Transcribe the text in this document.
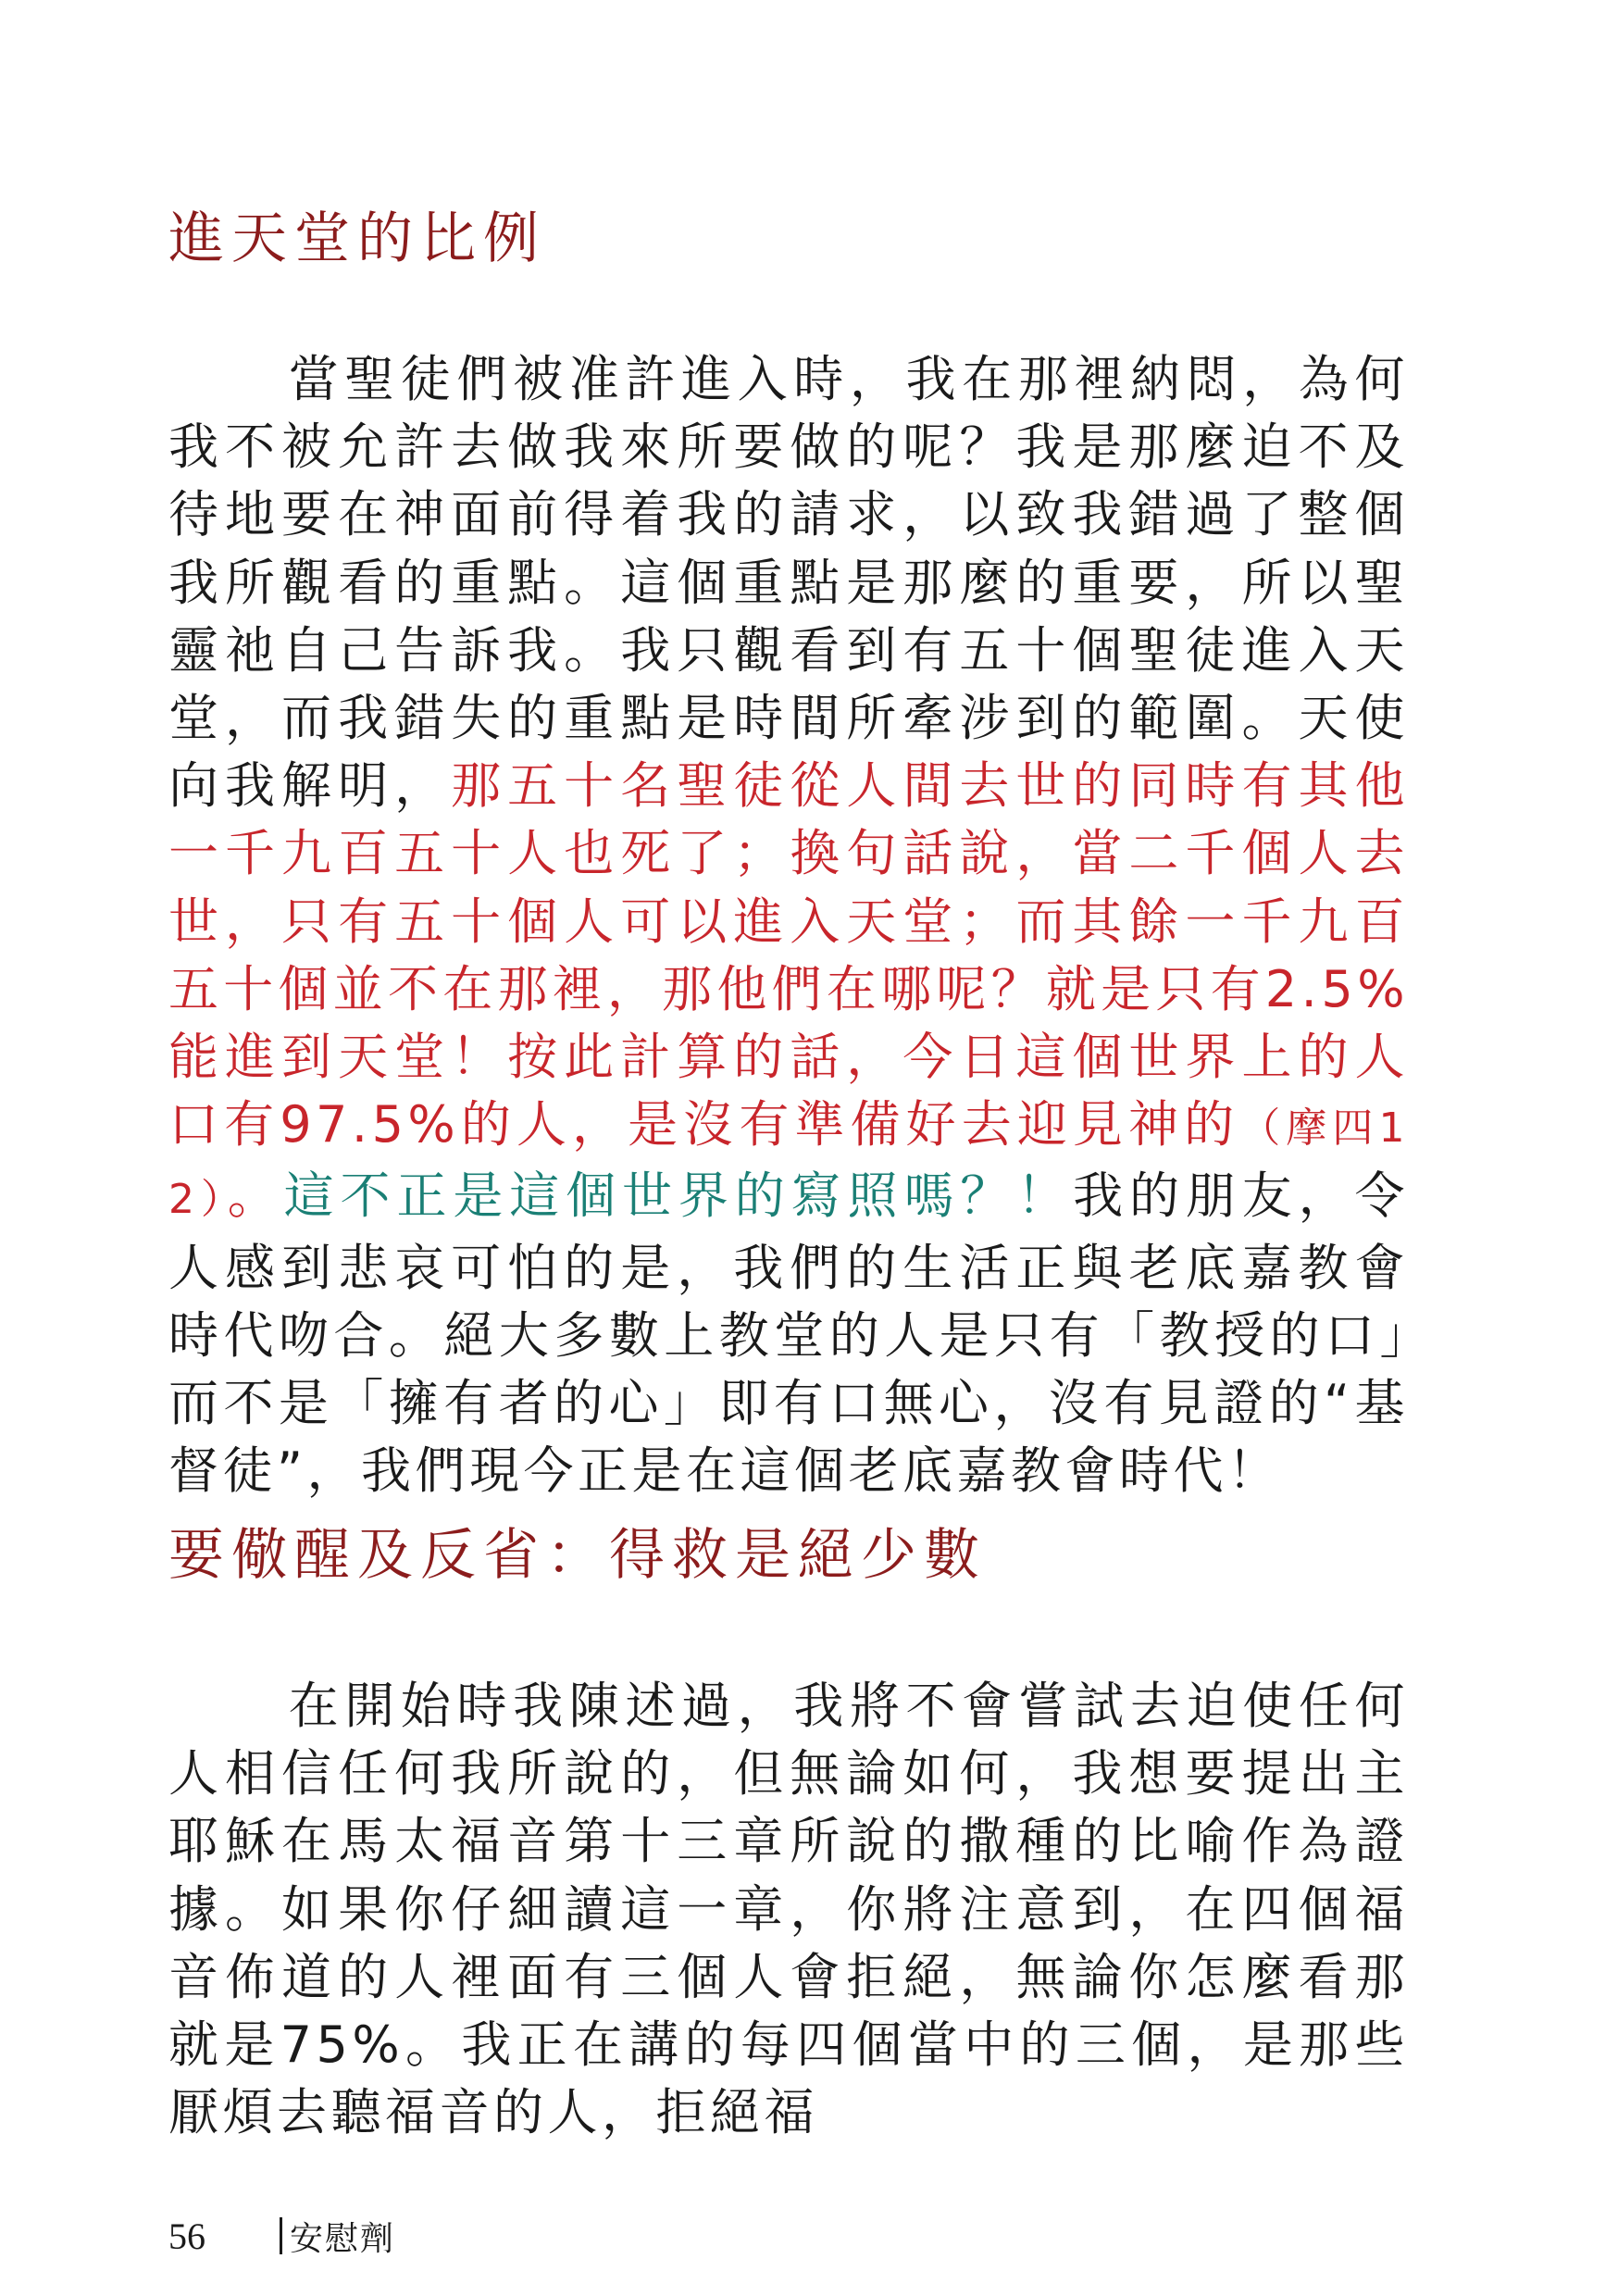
進天堂的比例
當聖徒們被准許進入時，我在那裡納悶，為何我不被允許去做我來所要做的呢？我是那麼迫不及待地要在神面前得着我的請求，以致我錯過了整個我所觀看的重點。這個重點是那麼的重要，所以聖靈祂自己告訴我。我只觀看到有五十個聖徒進入天堂，而我錯失的重點是時間所牽涉到的範圍。天使向我解明，那五十名聖徒從人間去世的同時有其他一千九百五十人也死了；換句話說，當二千個人去世，只有五十個人可以進入天堂；而其餘一千九百五十個並不在那裡，那他們在哪呢？就是只有2.5%能進到天堂！按此計算的話，今日這個世界上的人口有97.5%的人，是沒有準備好去迎見神的（摩四12）。這不正是這個世界的寫照嗎？！我的朋友，令人感到悲哀可怕的是，我們的生活正與老底嘉教會時代吻合。絕大多數上教堂的人是只有「教授的口」而不是「擁有者的心」即有口無心，沒有見證的“基督徒”，我們現今正是在這個老底嘉教會時代！
要儆醒及反省：得救是絕少數
在開始時我陳述過，我將不會嘗試去迫使任何人相信任何我所說的，但無論如何，我想要提出主耶穌在馬太福音第十三章所說的撒種的比喻作為證據。如果你仔細讀這一章，你將注意到，在四個福音佈道的人裡面有三個人會拒絕，無論你怎麼看那就是75%。我正在講的每四個當中的三個，是那些厭煩去聽福音的人，拒絕福
56	安慰劑
